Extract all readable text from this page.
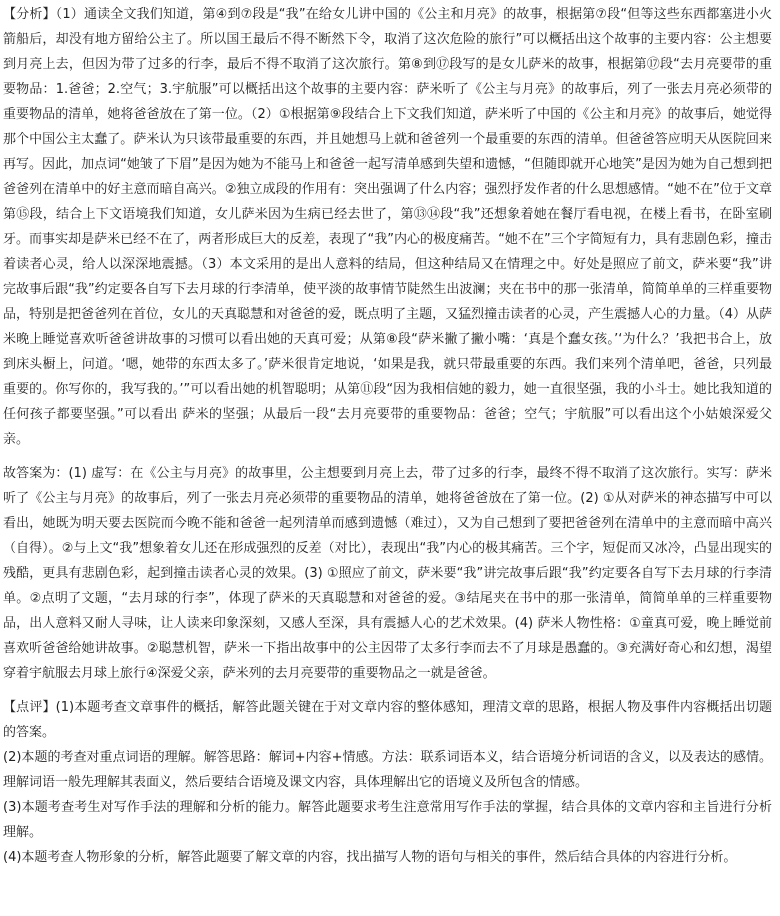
【分析】（1）通读全文我们知道，第④到⑦段是“我”在给女儿讲中国的《公主和月亮》的故事，根据第⑦段“但等这些东西都塞进小火箭船后，却没有地方留给公主了。所以国王最后不得不断然下令，取消了这次危险的旅行”可以概括出这个故事的主要内容：公主想要到月亮上去，但因为带了过多的行李，最后不得不取消了这次旅行。第⑧到⑰段写的是女儿萨米的故事，根据第⑰段“去月亮要带的重要物品：1.爸爸；2.空气；3.宇航服”可以概括出这个故事的主要内容：萨米听了《公主与月亮》的故事后，列了一张去月亮必须带的重要物品的清单，她将爸爸放在了第一位。（2）①根据第⑨段结合上下文我们知道，萨米听了中国的《公主和月亮》的故事后，她觉得那个中国公主太蠢了。萨米认为只该带最重要的东西，并且她想马上就和爸爸列一个最重要的东西的清单。但爸爸答应明天从医院回来再写。因此，加点词“她皱了下眉”是因为她为不能马上和爸爸一起写清单感到失望和遗憾，“但随即就开心地笑”是因为她为自己想到把爸爸列在清单中的好主意而暗自高兴。②独立成段的作用有：突出强调了什么内容；强烈抒发作者的什么思想感情。“她不在”位于文章第⑮段，结合上下文语境我们知道，女儿萨米因为生病已经去世了，第⑬⑭段“我”还想象着她在餐厅看电视，在楼上看书，在卧室刷牙。而事实却是萨米已经不在了，两者形成巨大的反差，表现了“我”内心的极度痛苦。“她不在”三个字简短有力，具有悲剧色彩，撞击着读者心灵，给人以深深地震撼。（3）本文采用的是出人意料的结局，但这种结局又在情理之中。好处是照应了前文，萨米要“我”讲完故事后跟“我”约定要各自写下去月球的行李清单，使平淡的故事情节陡然生出波澜；夹在书中的那一张清单，简简单单的三样重要物品，特别是把爸爸列在首位，女儿的天真聪慧和对爸爸的爱，既点明了主题，又猛烈撞击读者的心灵，产生震撼人心的力量。（4）从萨米晚上睡觉喜欢听爸爸讲故事的习惯可以看出她的天真可爱；从第⑧段“萨米撇了撇小嘴：‘真是个蠢女孩。’‘为什么？’我把书合上，放到床头橱上，问道。‘嗯，她带的东西太多了。’萨米很肯定地说，‘如果是我，就只带最重要的东西。我们来列个清单吧，爸爸，只列最重要的。你写你的，我写我的。’”可以看出她的机智聪明；从第⑪段“因为我相信她的毅力，她一直很坚强，我的小斗士。她比我知道的任何孩子都要坚强。”可以看出 萨米的坚强；从最后一段“去月亮要带的重要物品：爸爸；空气；宇航服”可以看出这个小姑娘深爱父亲。

故答案为：(1) 虚写：在《公主与月亮》的故事里，公主想要到月亮上去，带了过多的行李，最终不得不取消了这次旅行。实写：萨米听了《公主与月亮》的故事后，列了一张去月亮必须带的重要物品的清单，她将爸爸放在了第一位。(2) ①从对萨米的神态描写中可以看出，她既为明天要去医院而今晚不能和爸爸一起列清单而感到遗憾（难过），又为自己想到了要把爸爸列在清单中的主意而暗中高兴（自得）。②与上文“我”想象着女儿还在形成强烈的反差（对比），表现出“我”内心的极其痛苦。三个字，短促而又冰冷，凸显出现实的残酷，更具有悲剧色彩，起到撞击读者心灵的效果。(3) ①照应了前文，萨米要“我”讲完故事后跟“我”约定要各自写下去月球的行李清单。②点明了文题，“去月球的行李”，体现了萨米的天真聪慧和对爸爸的爱。③结尾夹在书中的那一张清单，简简单单的三样重要物品，出人意料又耐人寻味，让人读来印象深刻，又感人至深，具有震撼人心的艺术效果。(4) 萨米人物性格：①童真可爱，晚上睡觉前喜欢听爸爸给她讲故事。②聪慧机智，萨米一下指出故事中的公主因带了太多行李而去不了月球是愚蠢的。③充满好奇心和幻想，渴望穿着宇航服去月球上旅行④深爱父亲，萨米列的去月亮要带的重要物品之一就是爸爸。

【点评】(1)本题考查文章事件的概括，解答此题关键在于对文章内容的整体感知，理清文章的思路，根据人物及事件内容概括出切题的答案。

(2)本题的考查对重点词语的理解。解答思路：解词+内容+情感。方法：联系词语本义，结合语境分析词语的含义，以及表达的感情。理解词语一般先理解其表面义，然后要结合语境及课文内容，具体理解出它的语境义及所包含的情感。

(3)本题考查考生对写作手法的理解和分析的能力。解答此题要求考生注意常用写作手法的掌握，结合具体的文章内容和主旨进行分析理解。

(4)本题考查人物形象的分析，解答此题要了解文章的内容，找出描写人物的语句与相关的事件，然后结合具体的内容进行分析。
